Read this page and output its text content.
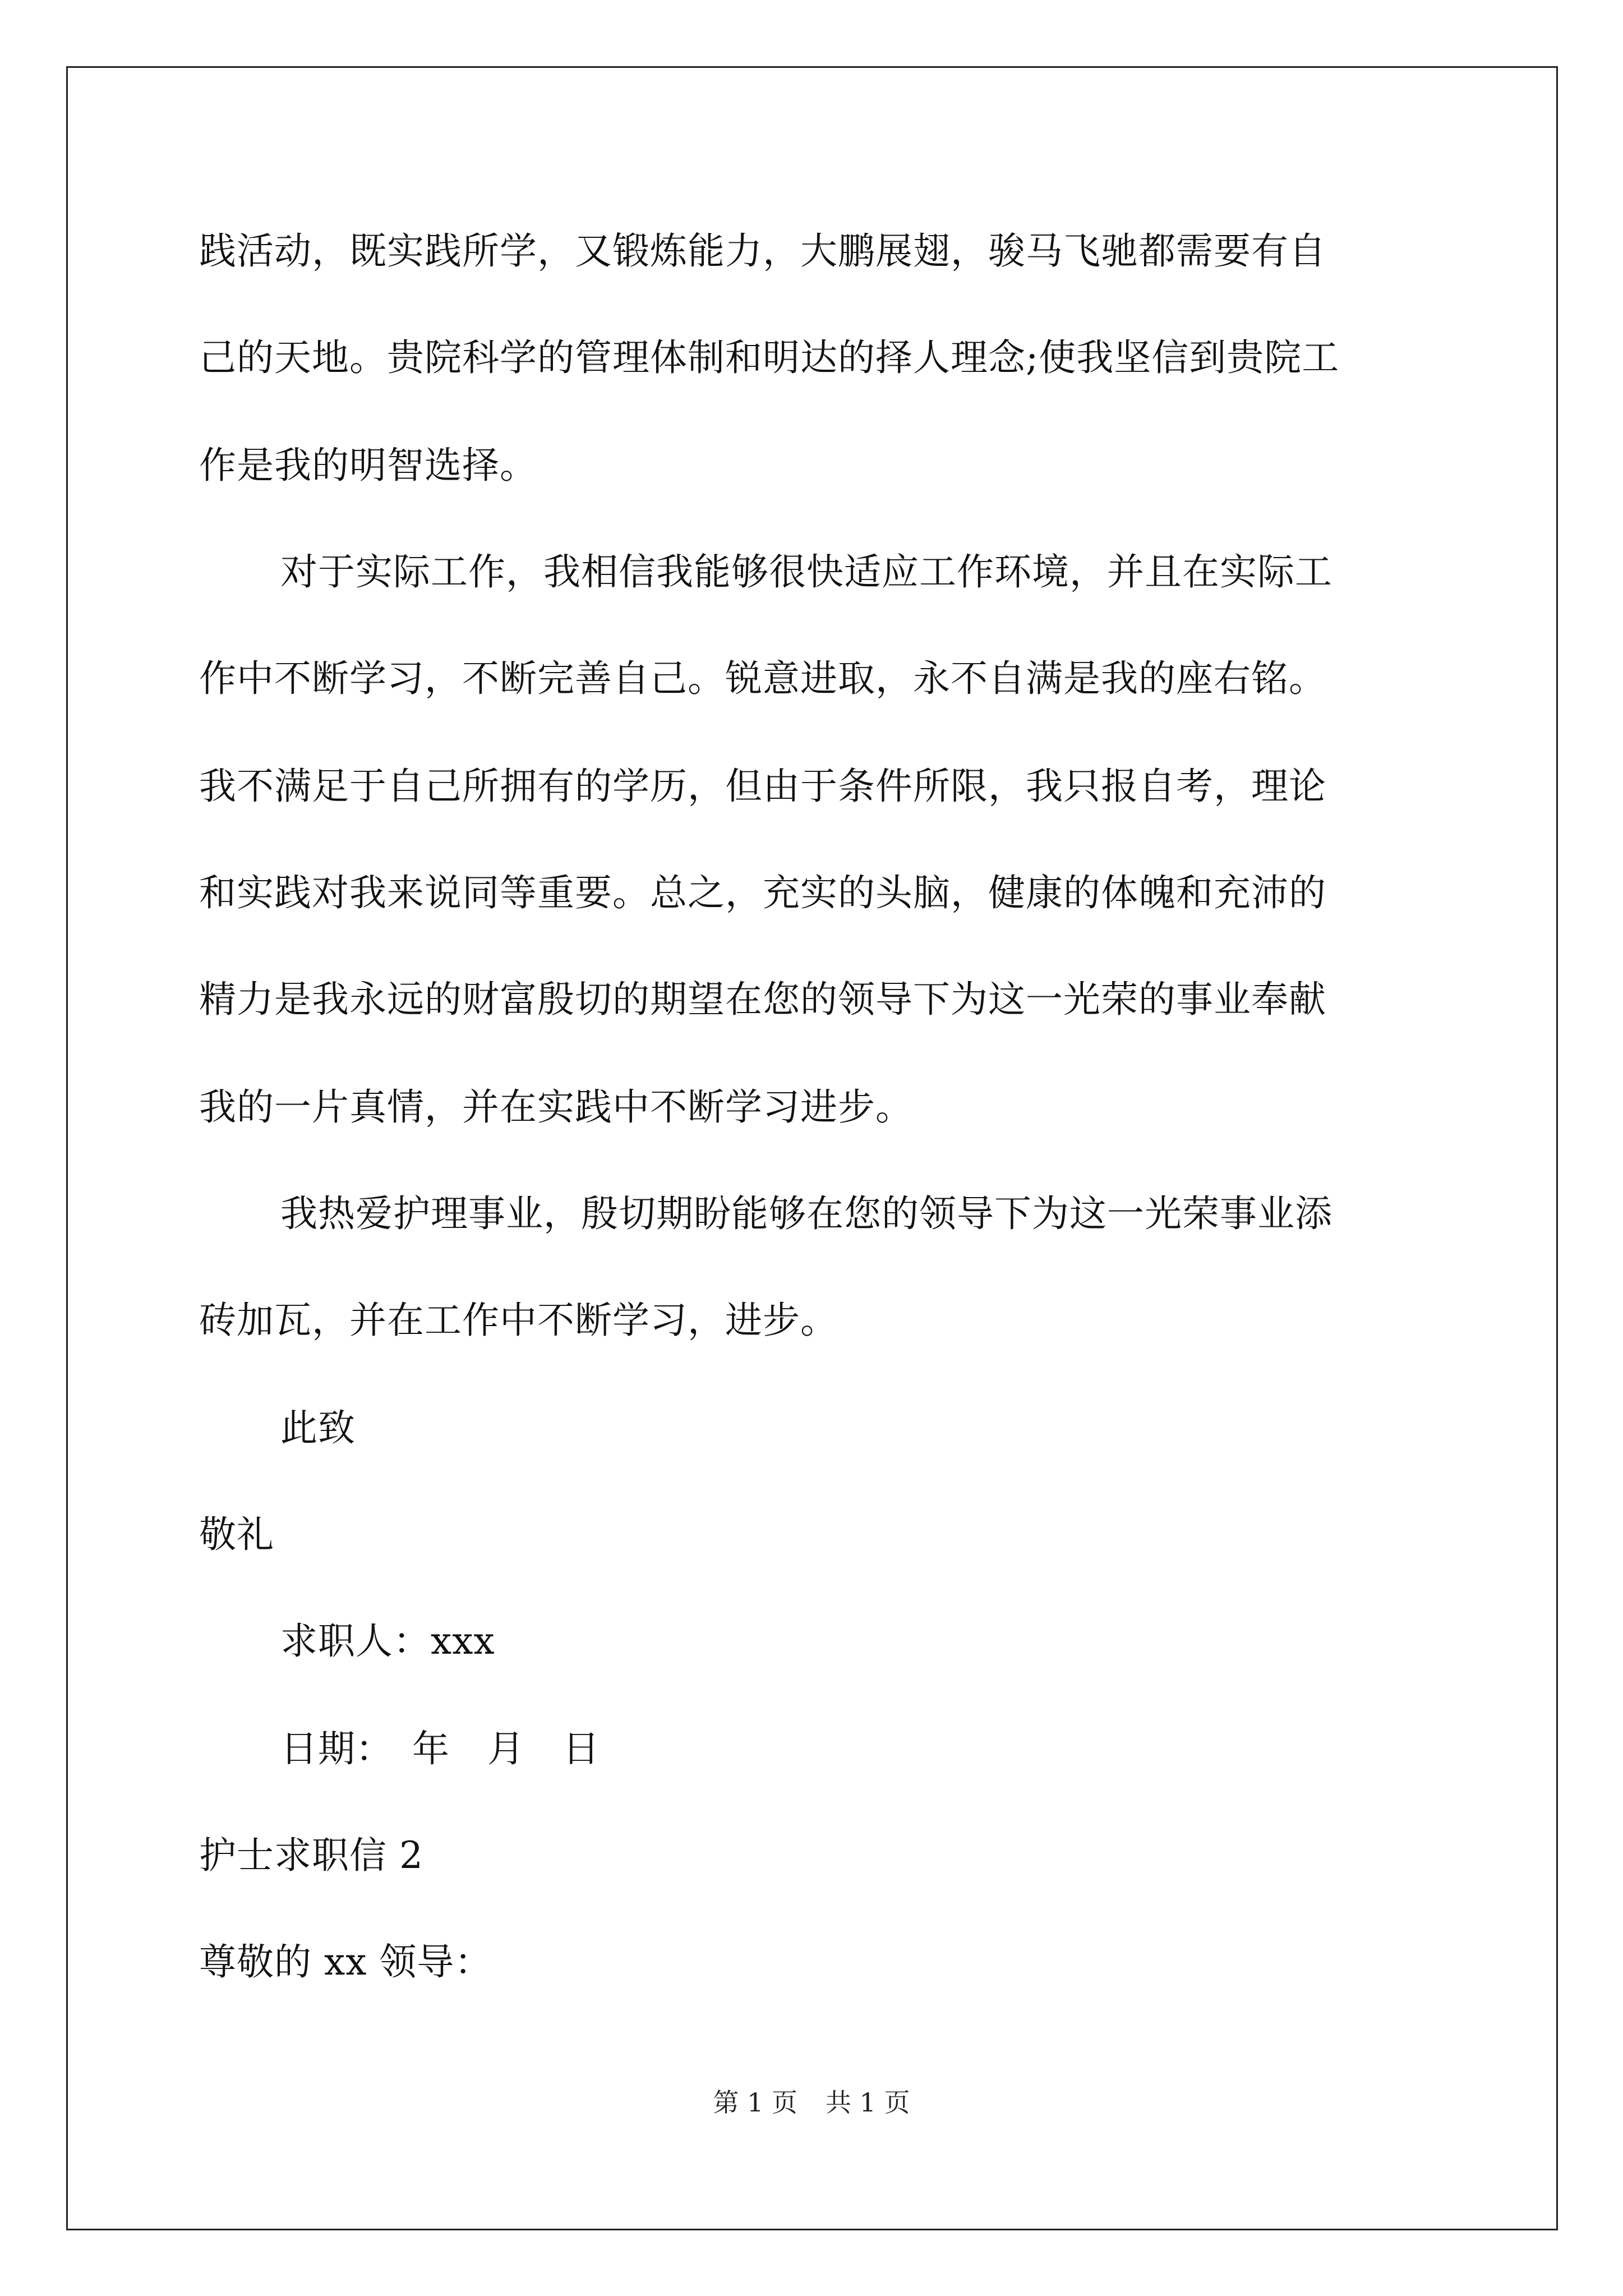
践活动，既实践所学，又锻炼能力，大鹏展翅，骏马飞驰都需要有自
己的天地。贵院科学的管理体制和明达的择人理念;使我坚信到贵院工
作是我的明智选择。
对于实际工作，我相信我能够很快适应工作环境，并且在实际工
作中不断学习，不断完善自己。锐意进取，永不自满是我的座右铭。
我不满足于自己所拥有的学历，但由于条件所限，我只报自考，理论
和实践对我来说同等重要。总之，充实的头脑，健康的体魄和充沛的
精力是我永远的财富殷切的期望在您的领导下为这一光荣的事业奉献
我的一片真情，并在实践中不断学习进步。
我热爱护理事业，殷切期盼能够在您的领导下为这一光荣事业添
砖加瓦，并在工作中不断学习，进步。
此致
敬礼
求职人：xxx
日期：　年　月　日
护士求职信 2
尊敬的 xx 领导：
第 1 页 共 1 页
